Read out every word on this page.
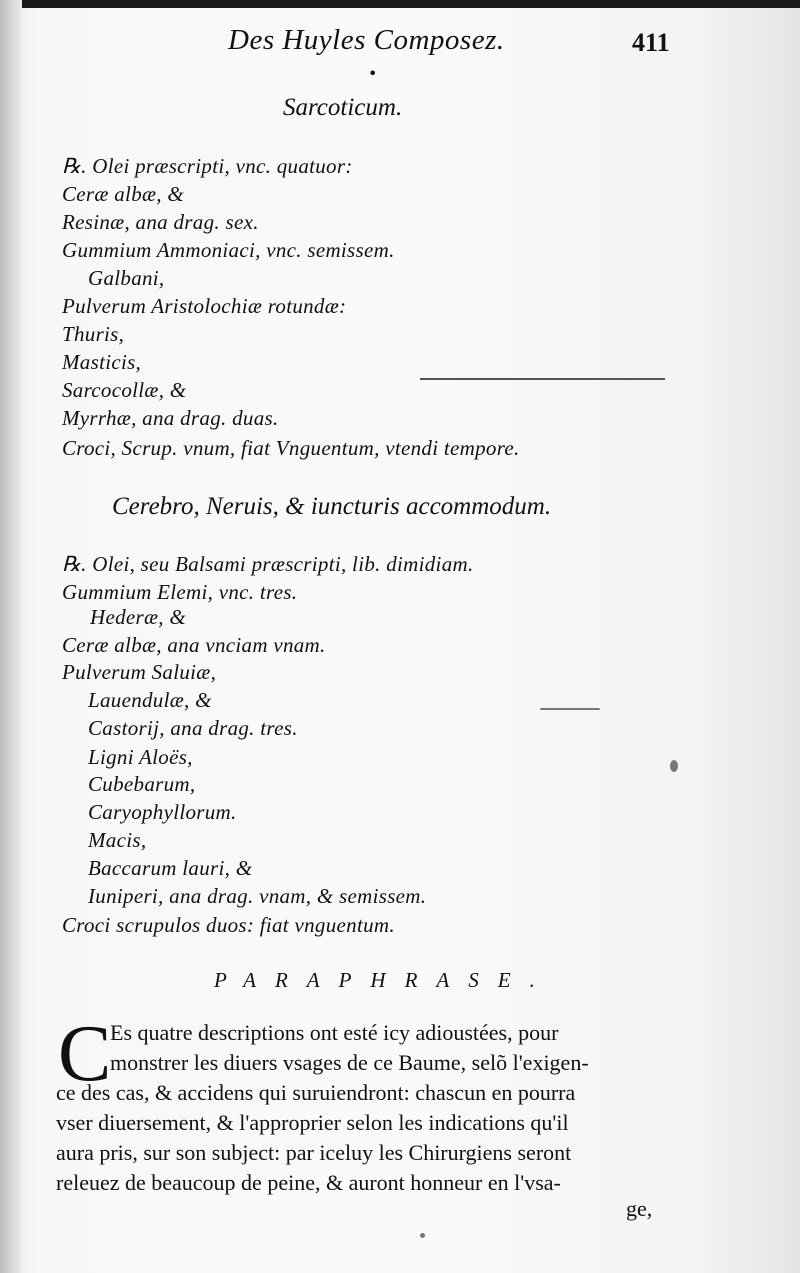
Des Huyles Composez.	411
•
Sarcoticum.
℞. Olei præscripti, vnc. quatuor:
Ceræ albæ, &
Resinæ, ana drag. sex.
Gummium Ammoniaci, vnc. semissem.
Galbani,
Pulverum Aristolochiæ rotundæ:
Thuris,
Masticis,
Sarcocollæ, &
Myrrhæ, ana drag. duas.
Croci, Scrup. vnum, fiat Vnguentum, vtendi tempore.
Cerebro, Neruis, & iuncturis accommodum.
℞. Olei, seu Balsami præscripti, lib. dimidiam.
Gummium Elemi, vnc. tres.
Hederæ, &
Ceræ albæ, ana vnciam vnam.
Pulverum Saluiæ,
Lauendulæ, &
Castorij, ana drag. tres.
Ligni Aloës,
Cubebarum,
Caryophyllorum.
Macis,
Baccarum lauri, &
Iuniperi, ana drag. vnam, & semissem.
Croci scrupulos duos: fiat vnguentum.
PARAPHRASE.
C
Es quatre descriptions ont esté icy adioustées, pour
monstrer les diuers vsages de ce Baume, selõ l'exigen-
ce des cas, & accidens qui suruiendront: chascun en pourra
vser diuersement, & l'approprier selon les indications qu'il
aura pris, sur son subject: par iceluy les Chirurgiens seront
releuez de beaucoup de peine, & auront honneur en l'vsa-
ge,
